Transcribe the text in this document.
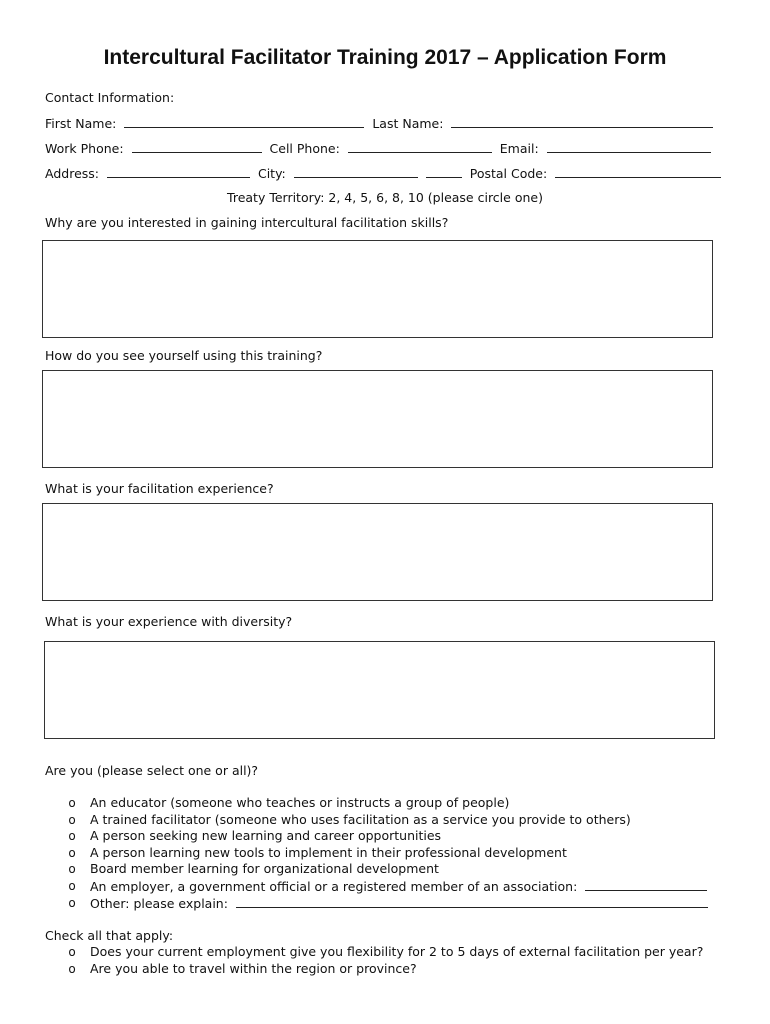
Intercultural Facilitator Training 2017 – Application Form
Contact Information:
First Name:	Last Name:
Work Phone:	Cell Phone:	Email:
Address:	City:	Postal Code:
Treaty Territory: 2, 4, 5, 6, 8, 10 (please circle one)
Why are you interested in gaining intercultural facilitation skills?
How do you see yourself using this training?
What is your facilitation experience?
What is your experience with diversity?
Are you (please select one or all)?
o An educator (someone who teaches or instructs a group of people)
o A trained facilitator (someone who uses facilitation as a service you provide to others)
o A person seeking new learning and career opportunities
o A person learning new tools to implement in their professional development
o Board member learning for organizational development
o An employer, a government official or a registered member of an association:
o Other: please explain:
Check all that apply:
o Does your current employment give you flexibility for 2 to 5 days of external facilitation per year?
o Are you able to travel within the region or province?
